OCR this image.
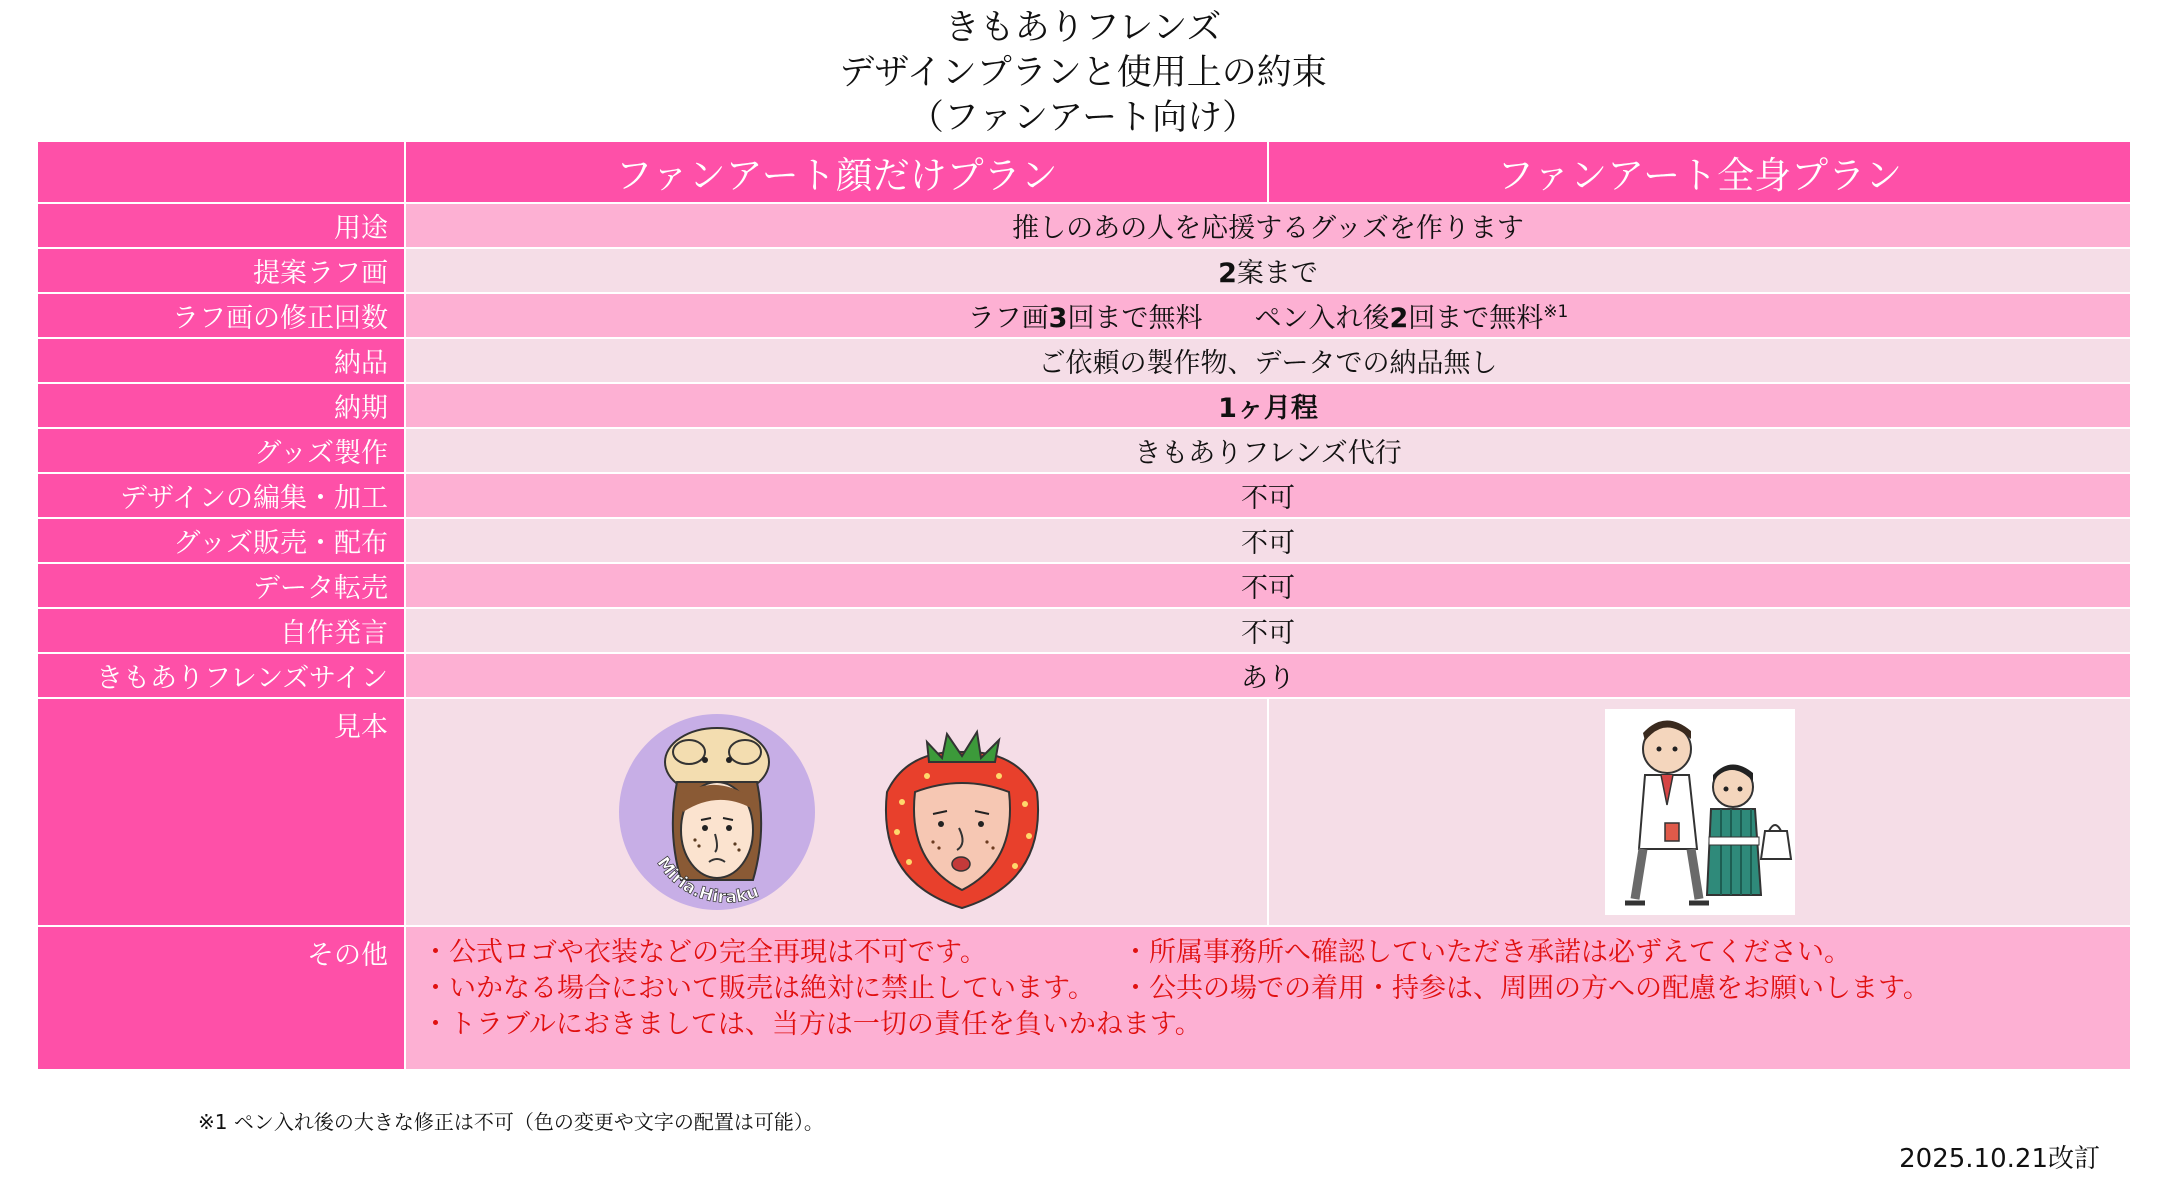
きもありフレンズ
デザインプランと使用上の約束
（ファンアート向け）
	ファンアート顔だけプラン	ファンアート全身プラン
用途	推しのあの人を応援するグッズを作ります	
提案ラフ画	2案まで	
ラフ画の修正回数	ラフ画3回まで無料 ペン入れ後2回まで無料$^{※1}$
納品	ご依頼の製作物、データでの納品無し	
納期	1ヶ月程	
グッズ製作	きもありフレンズ代行	
デザインの編集・加工	不可	
グッズ販売・配布	不可	
データ転売	不可	
自作発言	不可	
きもありフレンズサイン	あり	
見本	Miria.Hiraku

その他	・公式ロゴや衣装などの完全再現は不可です。 ・所属事務所へ確認していただき承諾は必ずえてください。
・いかなる場合において販売は絶対に禁止しています。 ・公共の場での着用・持参は、周囲の方への配慮をお願いします。
・トラブルにおきましては、当方は一切の責任を負いかねます。	
※1 ペン入れ後の大きな修正は不可（色の変更や文字の配置は可能）。
2025.10.21改訂
